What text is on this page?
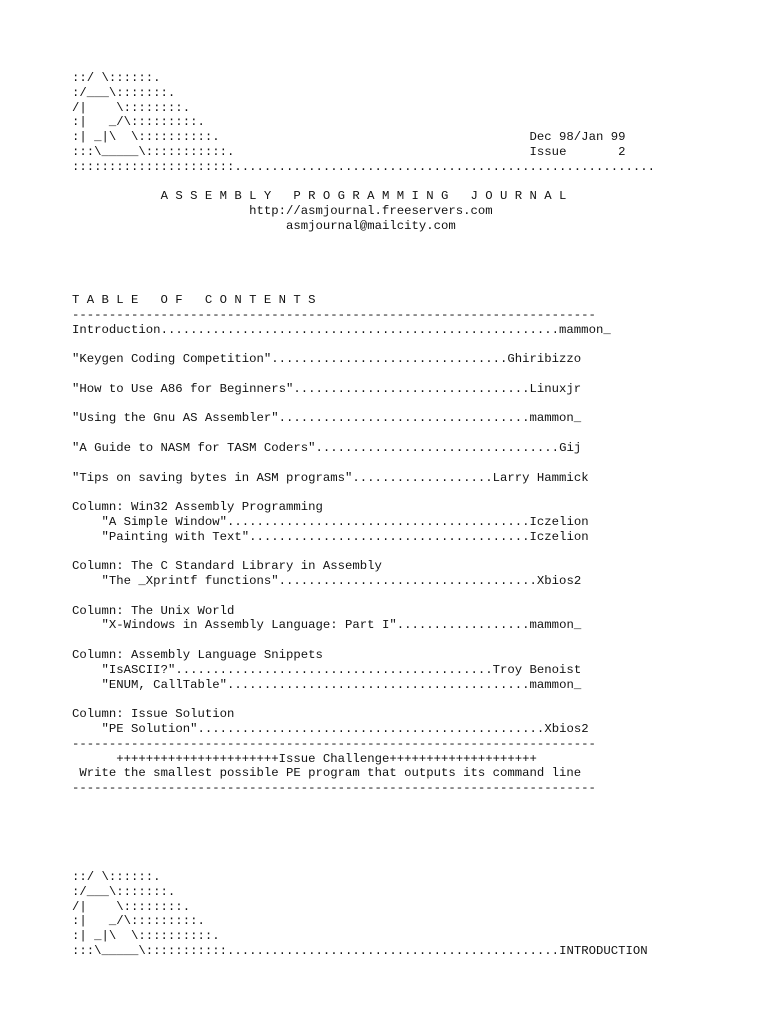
::/ \::::::.
:/___\:::::::.
/|    \::::::::.
:|   _/\:::::::::.
:| _|\  \::::::::::.	Dec 98/Jan 99
:::\_____\:::::::::::.	Issue	2
::::::::::::::::::::::.........................................................

A S S E M B L Y   P R O G R A M M I N G   J O U R N A L
http://asmjournal.freeservers.com
asmjournal@mailcity.com

T A B L E   O F   C O N T E N T S
-----------------------------------------------------------------------
Introduction......................................................mammon_

"Keygen Coding Competition"................................Ghiribizzo

"How to Use A86 for Beginners"................................Linuxjr

"Using the Gnu AS Assembler"..................................mammon_

"A Guide to NASM for TASM Coders".................................Gij

"Tips on saving bytes in ASM programs"...................Larry Hammick

Column: Win32 Assembly Programming
"A Simple Window".........................................Iczelion
"Painting with Text"......................................Iczelion

Column: The C Standard Library in Assembly
"The _Xprintf functions"...................................Xbios2

Column: The Unix World
"X-Windows in Assembly Language: Part I"..................mammon_

Column: Assembly Language Snippets
"IsASCII?"...........................................Troy Benoist
"ENUM, CallTable".........................................mammon_

Column: Issue Solution
"PE Solution"...............................................Xbios2
-----------------------------------------------------------------------
++++++++++++++++++++++Issue Challenge++++++++++++++++++++
Write the smallest possible PE program that outputs its command line
-----------------------------------------------------------------------

::/ \::::::.
:/___\:::::::.
/|    \::::::::.
:|   _/\:::::::::.
:| _|\  \::::::::::.
:::\_____\:::::::::::.............................................INTRODUCTION
